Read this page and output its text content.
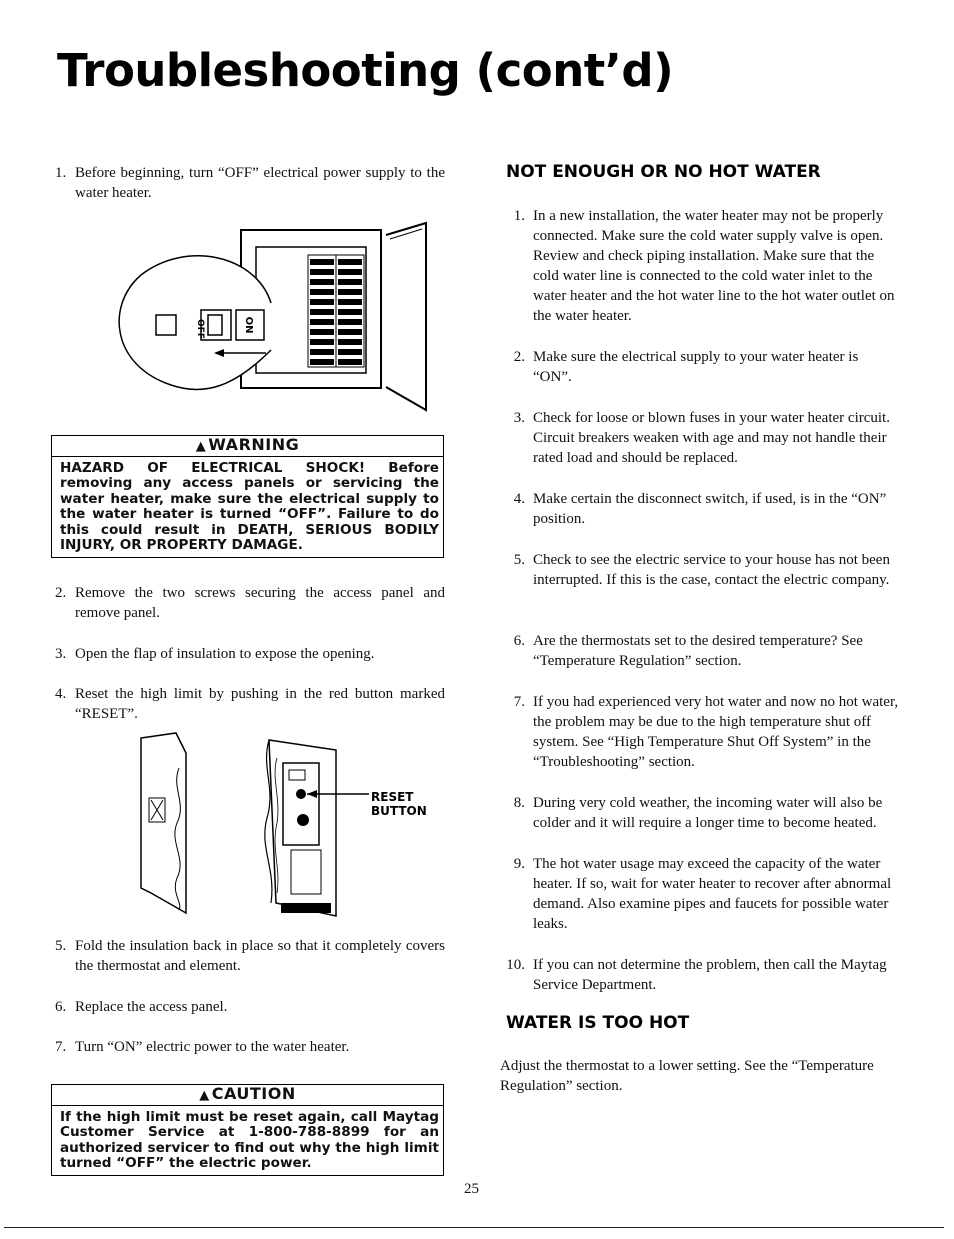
Troubleshooting (cont’d)
1. Before beginning, turn “OFF” electrical power supply to the water heater.
OFF	ON
▲ WARNING
HAZARD OF ELECTRICAL SHOCK! Before removing any access panels or servicing the water heater, make sure the electrical supply to the water heater is turned “OFF”. Failure to do this could result in DEATH, SERIOUS BODILY INJURY, OR PROPERTY DAMAGE.
2. Remove the two screws securing the access panel and remove panel.
3. Open the flap of insulation to expose the opening.
4. Reset the high limit by pushing in the red button marked “RESET”.
RESET BUTTON
5. Fold the insulation back in place so that it completely covers the thermostat and element.
6. Replace the access panel.
7. Turn “ON” electric power to the water heater.
▲ CAUTION
If the high limit must be reset again, call Maytag Customer Service at 1-800-788-8899 for an authorized servicer to find out why the high limit turned “OFF” the electric power.
NOT ENOUGH OR NO HOT WATER
1. In a new installation, the water heater may not be properly connected. Make sure the cold water supply valve is open. Review and check piping installation. Make sure that the cold water line is connected to the cold water inlet to the water heater and the hot water line to the hot water outlet on the water heater.
2. Make sure the electrical supply to your water heater is “ON”.
3. Check for loose or blown fuses in your water heater circuit. Circuit breakers weaken with age and may not handle their rated load and should be replaced.
4. Make certain the disconnect switch, if used, is in the “ON” position.
5. Check to see the electric service to your house has not been interrupted. If this is the case, contact the electric company.
6. Are the thermostats set to the desired temperature? See “Temperature Regulation” section.
7. If you had experienced very hot water and now no hot water, the problem may be due to the high temperature shut off system. See “High Temperature Shut Off System” in the “Troubleshooting” section.
8. During very cold weather, the incoming water will also be colder and it will require a longer time to become heated.
9. The hot water usage may exceed the capacity of the water heater. If so, wait for water heater to recover after abnormal demand. Also examine pipes and faucets for possible water leaks.
10. If you can not determine the problem, then call the Maytag Service Department.
WATER IS TOO HOT
Adjust the thermostat to a lower setting. See the “Temperature Regulation” section.
25
